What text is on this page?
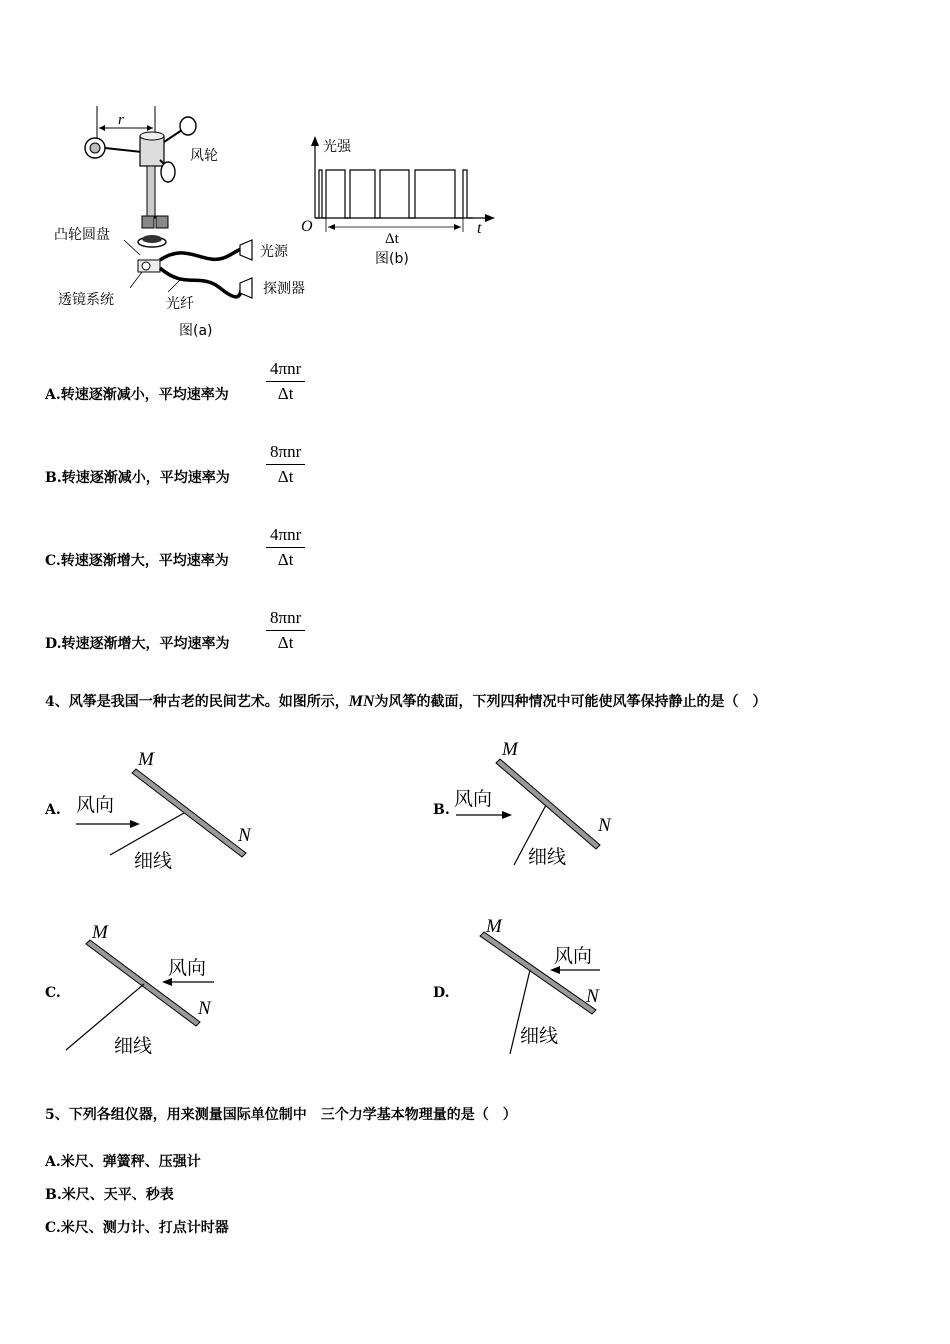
r
风轮
凸轮圆盘
透镜系统	光纤
光源
探测器
图(a)
光强
O	t
Δt
图(b)
A.转速逐渐减小，平均速率为
4πnr
Δt
B.转速逐渐减小，平均速率为
8πnr
Δt
C.转速逐渐增大，平均速率为
4πnr
Δt
D.转速逐渐增大，平均速率为
8πnr
Δt
4、风筝是我国一种古老的民间艺术。如图所示，MN为风筝的截面，下列四种情况中可能使风筝保持静止的是（　）
A.
M
N
风向
细线
B.
M
N
风向
细线
C.
M
N
风向
细线
D.
M
N
风向
细线
5、下列各组仪器，用来测量国际单位制中　三个力学基本物理量的是（　）
A.米尺、弹簧秤、压强计
B.米尺、天平、秒表
C.米尺、测力计、打点计时器
